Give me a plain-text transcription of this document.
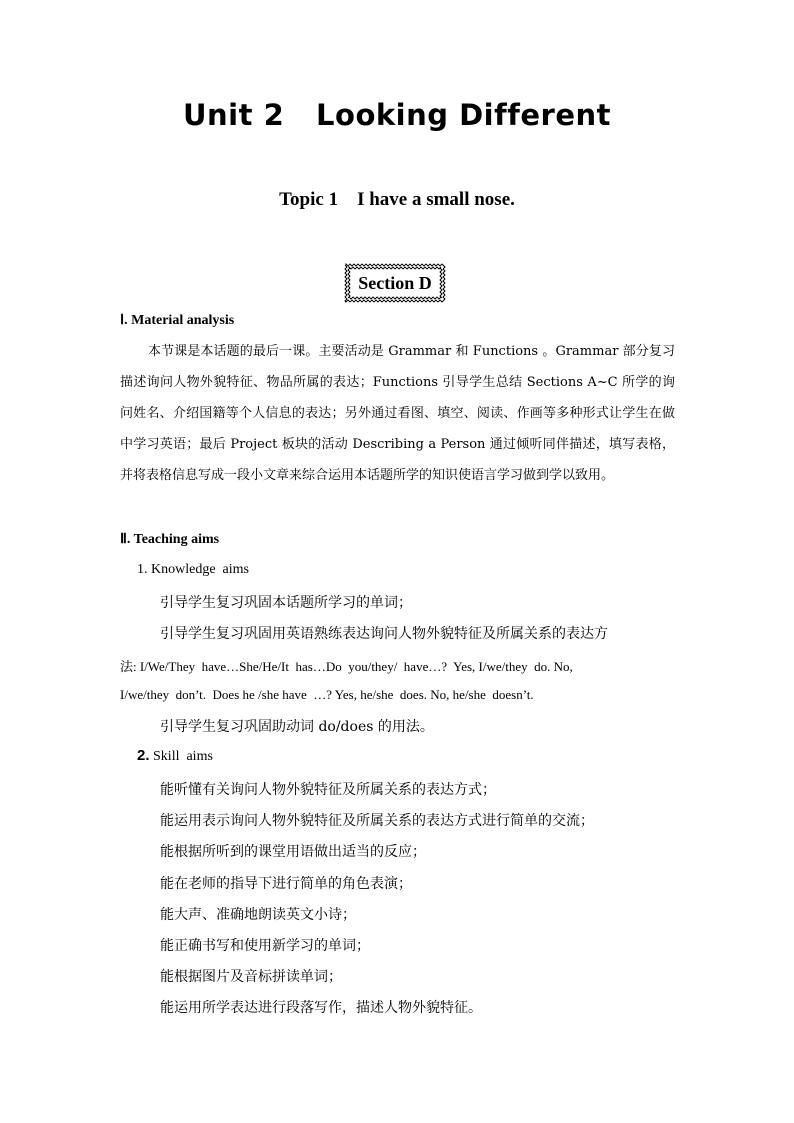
Unit 2   Looking Different
Topic 1    I have a small nose.
Section D
Ⅰ. Material analysis
本节课是本话题的最后一课。主要活动是 Grammar 和 Functions 。Grammar 部分复习描述询问人物外貌特征、物品所属的表达；Functions 引导学生总结 Sections A~C 所学的询问姓名、介绍国籍等个人信息的表达；另外通过看图、填空、阅读、作画等多种形式让学生在做中学习英语；最后 Project 板块的活动 Describing a Person 通过倾听同伴描述，填写表格，并将表格信息写成一段小文章来综合运用本话题所学的知识使语言学习做到学以致用。
Ⅱ. Teaching aims
1. Knowledge  aims
引导学生复习巩固本话题所学习的单词；
引导学生复习巩固用英语熟练表达询问人物外貌特征及所属关系的表达方
法: I/We/They  have…She/He/It  has…Do  you/they/  have…?  Yes, I/we/they  do. No,
I/we/they  don’t.  Does he /she have  …? Yes, he/she  does. No, he/she  doesn’t.
引导学生复习巩固助动词 do/does 的用法。
2. Skill  aims
能听懂有关询问人物外貌特征及所属关系的表达方式；
能运用表示询问人物外貌特征及所属关系的表达方式进行简单的交流；
能根据所听到的课堂用语做出适当的反应；
能在老师的指导下进行简单的角色表演；
能大声、准确地朗读英文小诗；
能正确书写和使用新学习的单词；
能根据图片及音标拼读单词；
能运用所学表达进行段落写作，描述人物外貌特征。
